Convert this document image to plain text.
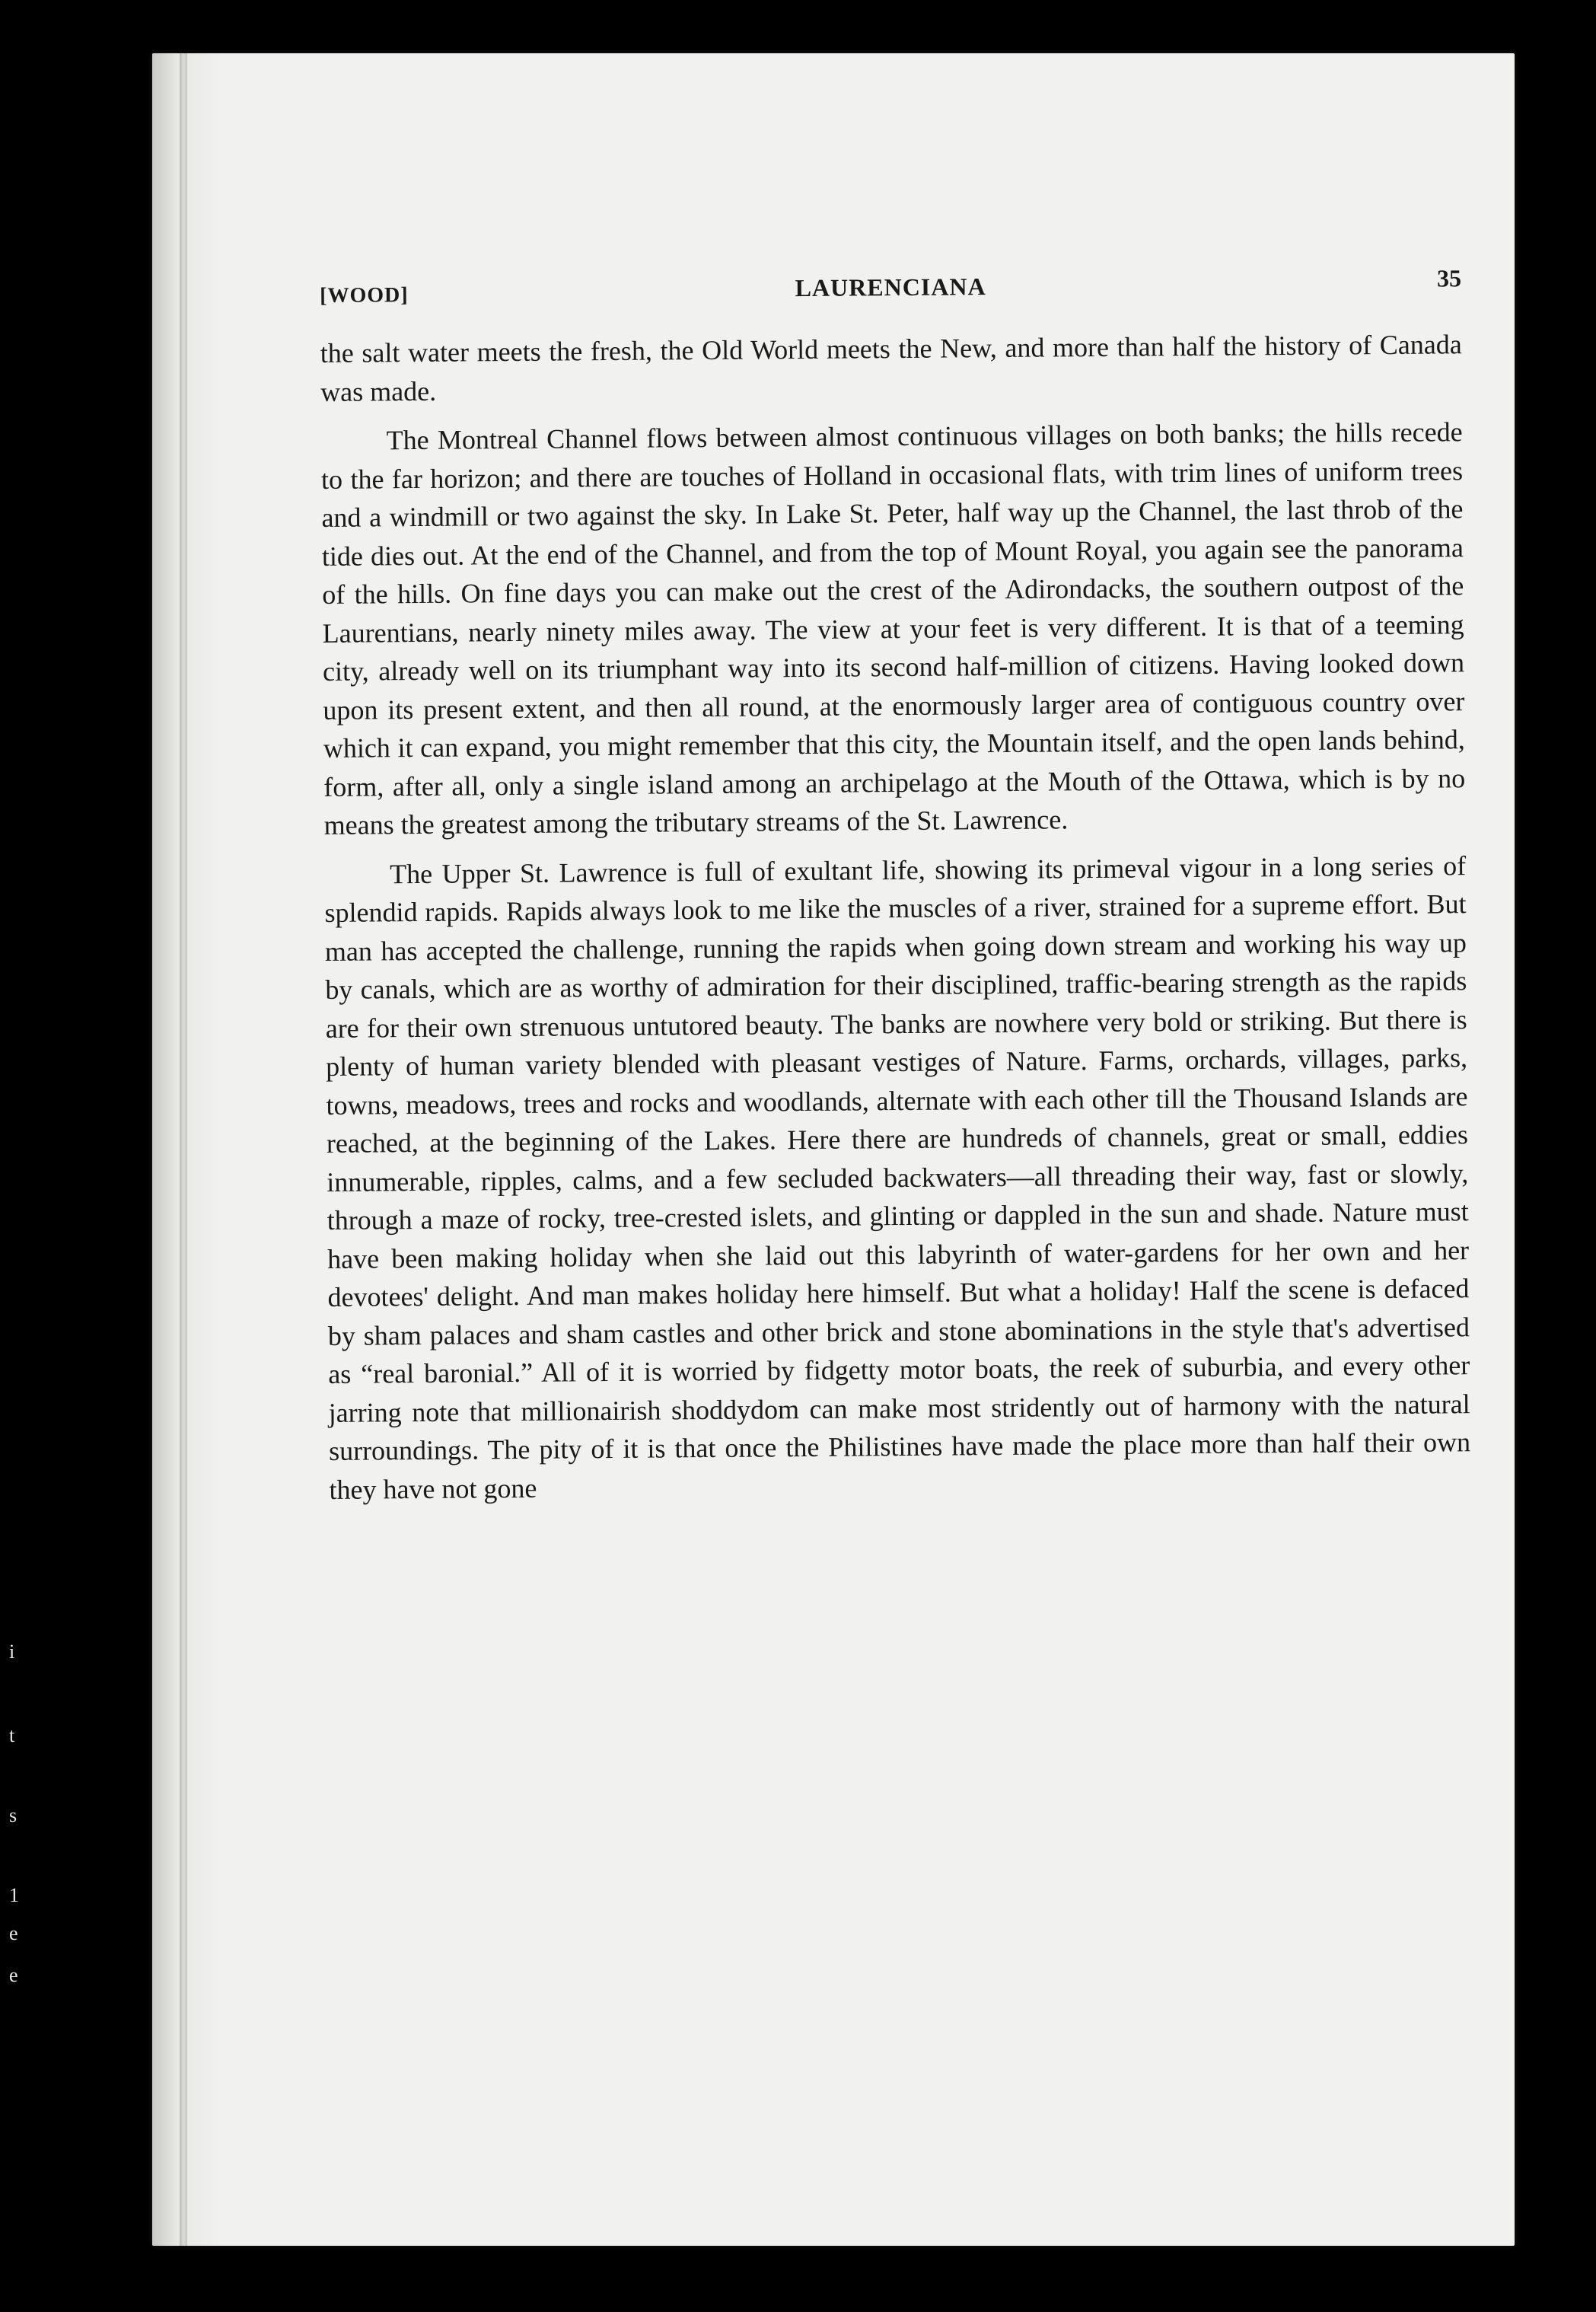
[WOOD]	LAURENCIANA	35

the salt water meets the fresh, the Old World meets the New, and more than half the history of Canada was made.

The Montreal Channel flows between almost continuous villages on both banks; the hills recede to the far horizon; and there are touches of Holland in occasional flats, with trim lines of uniform trees and a windmill or two against the sky. In Lake St. Peter, half way up the Channel, the last throb of the tide dies out. At the end of the Channel, and from the top of Mount Royal, you again see the panorama of the hills. On fine days you can make out the crest of the Adirondacks, the southern outpost of the Laurentians, nearly ninety miles away. The view at your feet is very different. It is that of a teeming city, already well on its triumphant way into its second half-million of citizens. Having looked down upon its present extent, and then all round, at the enormously larger area of contiguous country over which it can expand, you might remember that this city, the Mountain itself, and the open lands behind, form, after all, only a single island among an archipelago at the Mouth of the Ottawa, which is by no means the greatest among the tributary streams of the St. Lawrence.

The Upper St. Lawrence is full of exultant life, showing its primeval vigour in a long series of splendid rapids. Rapids always look to me like the muscles of a river, strained for a supreme effort. But man has accepted the challenge, running the rapids when going down stream and working his way up by canals, which are as worthy of admiration for their disciplined, traffic-bearing strength as the rapids are for their own strenuous untutored beauty. The banks are nowhere very bold or striking. But there is plenty of human variety blended with pleasant vestiges of Nature. Farms, orchards, villages, parks, towns, meadows, trees and rocks and woodlands, alternate with each other till the Thousand Islands are reached, at the beginning of the Lakes. Here there are hundreds of channels, great or small, eddies innumerable, ripples, calms, and a few secluded backwaters—all threading their way, fast or slowly, through a maze of rocky, tree-crested islets, and glinting or dappled in the sun and shade. Nature must have been making holiday when she laid out this labyrinth of water-gardens for her own and her devotees' delight. And man makes holiday here himself. But what a holiday! Half the scene is defaced by sham palaces and sham castles and other brick and stone abominations in the style that's advertised as “real baronial.” All of it is worried by fidgetty motor boats, the reek of suburbia, and every other jarring note that millionairish shoddydom can make most stridently out of harmony with the natural surroundings. The pity of it is that once the Philistines have made the place more than half their own they have not gone

i
t
s
1
e
e
